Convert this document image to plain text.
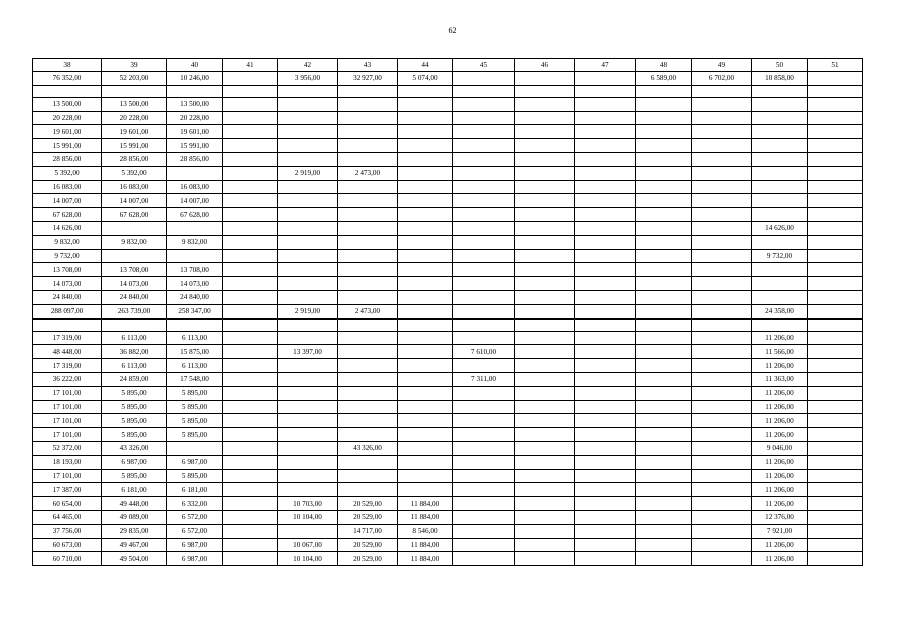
62
38	39	40	41	42	43	44	45	46	47	48	49	50	51
76 352,00	52 203,00	10 246,00		3 956,00	32 927,00	5 074,00				6 589,00	6 702,00	10 858,00	

13 500,00	13 500,00	13 500,00											
20 228,00	20 228,00	20 228,00											
19 601,00	19 601,00	19 601,00											
15 991,00	15 991,00	15 991,00											
28 856,00	28 856,00	28 856,00											
5 392,00	5 392,00			2 919,00	2 473,00								
16 083,00	16 083,00	16 083,00											
14 007,00	14 007,00	14 007,00											
67 628,00	67 628,00	67 628,00											
14 626,00												14 626,00	
9 832,00	9 832,00	9 832,00											
9 732,00												9 732,00	
13 708,00	13 708,00	13 708,00											
14 073,00	14 073,00	14 073,00											
24 840,00	24 840,00	24 840,00											
288 097,00	263 739,00	258 347,00		2 919,00	2 473,00							24 358,00	

17 319,00	6 113,00	6 113,00										11 206,00	
48 448,00	36 882,00	15 875,00		13 397,00			7 610,00					11 566,00	
17 319,00	6 113,00	6 113,00										11 206,00	
36 222,00	24 859,00	17 548,00					7 311,00					11 363,00	
17 101,00	5 895,00	5 895,00										11 206,00	
17 101,00	5 895,00	5 895,00										11 206,00	
17 101,00	5 895,00	5 895,00										11 206,00	
17 101,00	5 895,00	5 895,00										11 206,00	
52 372,00	43 326,00				43 326,00							9 046,00	
18 193,00	6 987,00	6 987,00										11 206,00	
17 101,00	5 895,00	5 895,00										11 206,00	
17 387,00	6 181,00	6 181,00										11 206,00	
60 654,00	49 448,00	6 332,00		10 703,00	20 529,00	11 884,00						11 206,00	
64 465,00	49 089,00	6 572,00		10 104,00	20 529,00	11 884,00						12 376,00	
37 756,00	29 835,00	6 572,00			14 717,00	8 546,00						7 921,00	
60 673,00	49 467,00	6 987,00		10 067,00	20 529,00	11 884,00						11 206,00	
60 710,00	49 504,00	6 987,00		10 104,00	20 529,00	11 884,00						11 206,00	
